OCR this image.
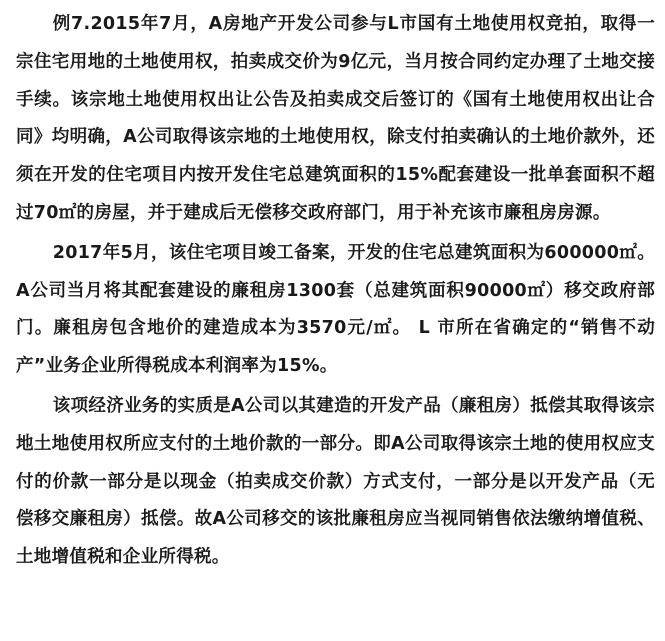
例7.2015年7月，A房地产开发公司参与L市国有土地使用权竞拍，取得一宗住宅用地的土地使用权，拍卖成交价为9亿元，当月按合同约定办理了土地交接手续。该宗地土地使用权出让公告及拍卖成交后签订的《国有土地使用权出让合同》均明确，A公司取得该宗地的土地使用权，除支付拍卖确认的土地价款外，还须在开发的住宅项目内按开发住宅总建筑面积的15%配套建设一批单套面积不超过70㎡的房屋，并于建成后无偿移交政府部门，用于补充该市廉租房房源。

2017年5月，该住宅项目竣工备案，开发的住宅总建筑面积为600000㎡。A公司当月将其配套建设的廉租房1300套（总建筑面积90000㎡）移交政府部门。廉租房包含地价的建造成本为3570元/㎡。 L 市所在省确定的“销售不动产”业务企业所得税成本利润率为15%。

该项经济业务的实质是A公司以其建造的开发产品（廉租房）抵偿其取得该宗地土地使用权所应支付的土地价款的一部分。即A公司取得该宗土地的使用权应支付的价款一部分是以现金（拍卖成交价款）方式支付，一部分是以开发产品（无偿移交廉租房）抵偿。故A公司移交的该批廉租房应当视同销售依法缴纳增值税、土地增值税和企业所得税。
